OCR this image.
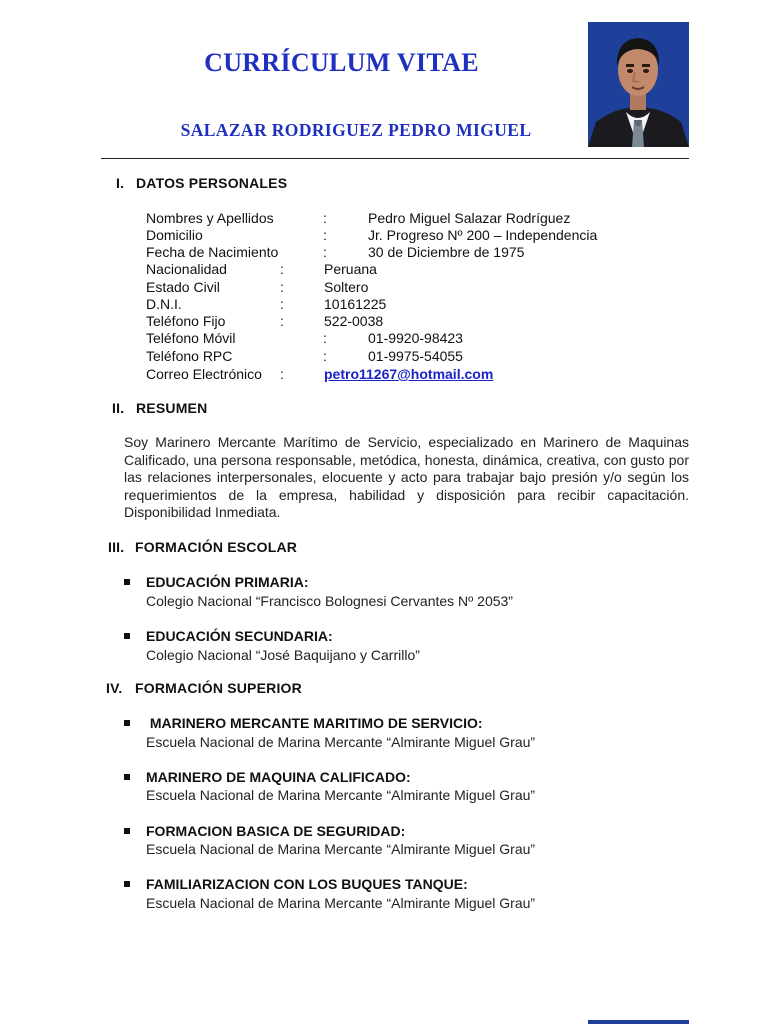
CURRÍCULUM VITAE
SALAZAR RODRIGUEZ PEDRO MIGUEL
I. DATOS PERSONALES
Nombres y Apellidos	:	Pedro Miguel Salazar Rodríguez
Domicilio	:	Jr. Progreso Nº 200 – Independencia
Fecha de Nacimiento	:	30 de Diciembre de 1975
Nacionalidad	:	Peruana
Estado Civil	:	Soltero
D.N.I.	:	10161225
Teléfono Fijo	:	522-0038
Teléfono Móvil	:	01-9920-98423
Teléfono RPC	:	01-9975-54055
Correo Electrónico :	petro11267@hotmail.com
II. RESUMEN
Soy Marinero Mercante Marítimo de Servicio, especializado en Marinero de Maquinas Calificado, una persona responsable, metódica, honesta, dinámica, creativa, con gusto por las relaciones interpersonales, elocuente y acto para trabajar bajo presión y/o según los requerimientos de la empresa, habilidad y disposición para recibir capacitación. Disponibilidad Inmediata.
III. FORMACIÓN ESCOLAR
EDUCACIÓN PRIMARIA:
Colegio Nacional “Francisco Bolognesi Cervantes Nº 2053”
EDUCACIÓN SECUNDARIA:
Colegio Nacional “José Baquijano y Carrillo”
IV. FORMACIÓN SUPERIOR
MARINERO MERCANTE MARITIMO DE SERVICIO:
Escuela Nacional de Marina Mercante “Almirante Miguel Grau”
MARINERO DE MAQUINA CALIFICADO:
Escuela Nacional de Marina Mercante “Almirante Miguel Grau”
FORMACION BASICA DE SEGURIDAD:
Escuela Nacional de Marina Mercante “Almirante Miguel Grau”
FAMILIARIZACION CON LOS BUQUES TANQUE:
Escuela Nacional de Marina Mercante “Almirante Miguel Grau”
